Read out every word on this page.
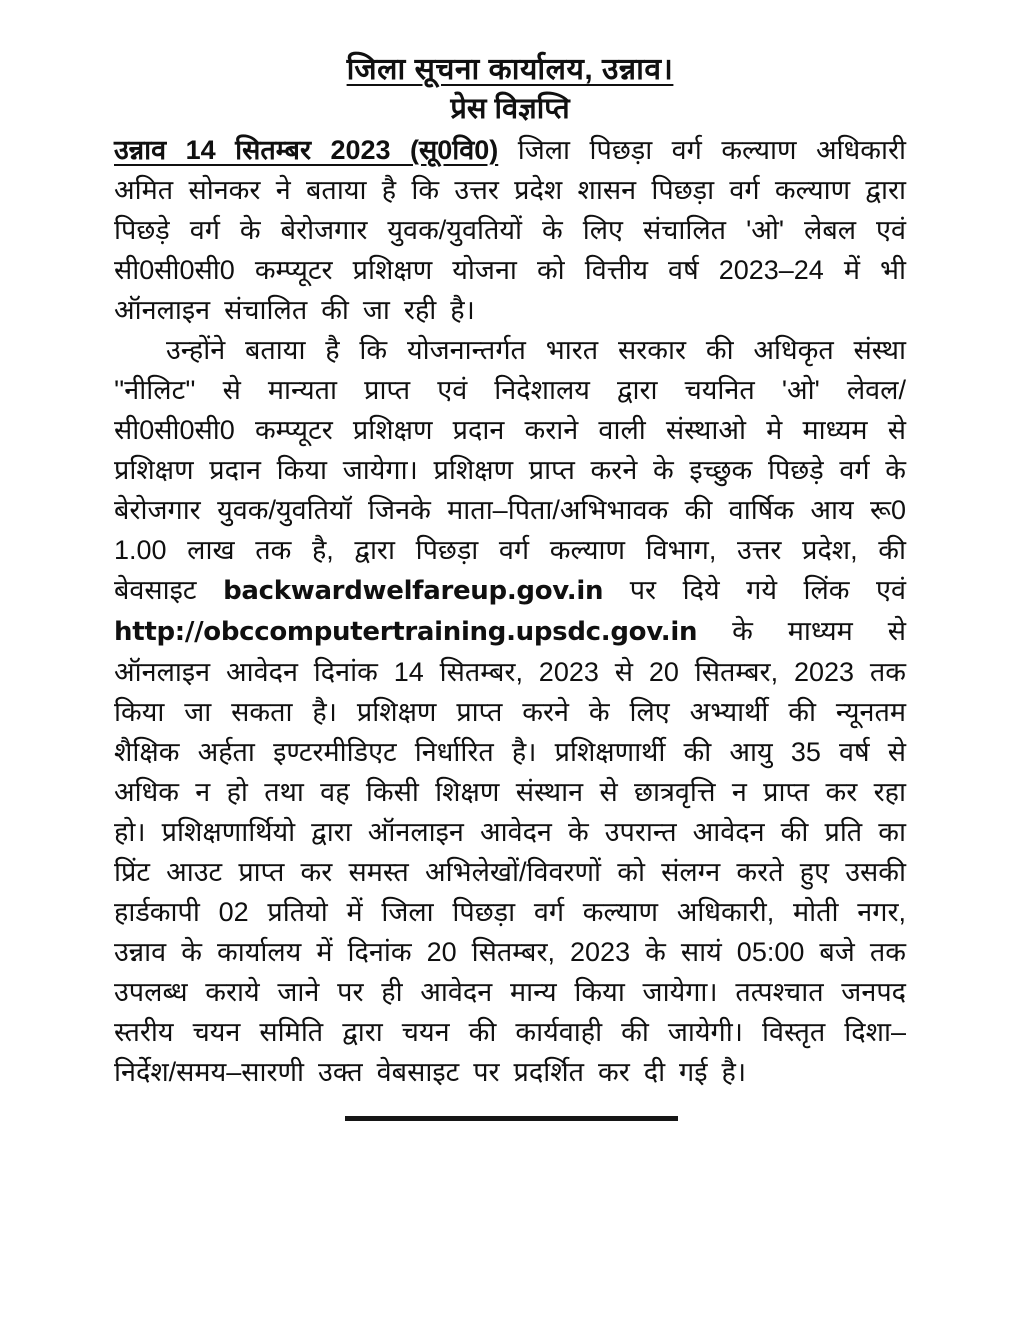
जिला सूचना कार्यालय, उन्नाव।
प्रेस विज्ञप्ति

उन्नाव 14 सितम्बर 2023 (सू0वि0) जिला पिछड़ा वर्ग कल्याण अधिकारी अमित सोनकर ने बताया है कि उत्तर प्रदेश शासन पिछड़ा वर्ग कल्याण द्वारा पिछड़े वर्ग के बेरोजगार युवक/युवतियों के लिए संचालित 'ओ' लेबल एवं सी0सी0सी0 कम्प्यूटर प्रशिक्षण योजना को वित्तीय वर्ष 2023–24 में भी ऑनलाइन संचालित की जा रही है।

उन्होंने बताया है कि योजनान्तर्गत भारत सरकार की अधिकृत संस्था ''नीलिट'' से मान्यता प्राप्त एवं निदेशालय द्वारा चयनित 'ओ' लेवल/सी0सी0सी0 कम्प्यूटर प्रशिक्षण प्रदान कराने वाली संस्थाओ मे माध्यम से प्रशिक्षण प्रदान किया जायेगा। प्रशिक्षण प्राप्त करने के इच्छुक पिछड़े वर्ग के बेरोजगार युवक/युवतियॉ जिनके माता–पिता/अभिभावक की वार्षिक आय रू0 1.00 लाख तक है, द्वारा पिछड़ा वर्ग कल्याण विभाग, उत्तर प्रदेश, की बेवसाइट backwardwelfareup.gov.in पर दिये गये लिंक एवं http://obccomputertraining.upsdc.gov.in के माध्यम से ऑनलाइन आवेदन दिनांक 14 सितम्बर, 2023 से 20 सितम्बर, 2023 तक किया जा सकता है। प्रशिक्षण प्राप्त करने के लिए अभ्यार्थी की न्यूनतम शैक्षिक अर्हता इण्टरमीडिएट निर्धारित है। प्रशिक्षणार्थी की आयु 35 वर्ष से अधिक न हो तथा वह किसी शिक्षण संस्थान से छात्रवृत्ति न प्राप्त कर रहा हो। प्रशिक्षणार्थियो द्वारा ऑनलाइन आवेदन के उपरान्त आवेदन की प्रति का प्रिंट आउट प्राप्त कर समस्त अभिलेखों/विवरणों को संलग्न करते हुए उसकी हार्डकापी 02 प्रतियो में जिला पिछड़ा वर्ग कल्याण अधिकारी, मोती नगर, उन्नाव के कार्यालय में दिनांक 20 सितम्बर, 2023 के सायं 05:00 बजे तक उपलब्ध कराये जाने पर ही आवेदन मान्य किया जायेगा। तत्पश्चात जनपद स्तरीय चयन समिति द्वारा चयन की कार्यवाही की जायेगी। विस्तृत दिशा–निर्देश/समय–सारणी उक्त वेबसाइट पर प्रदर्शित कर दी गई है।
